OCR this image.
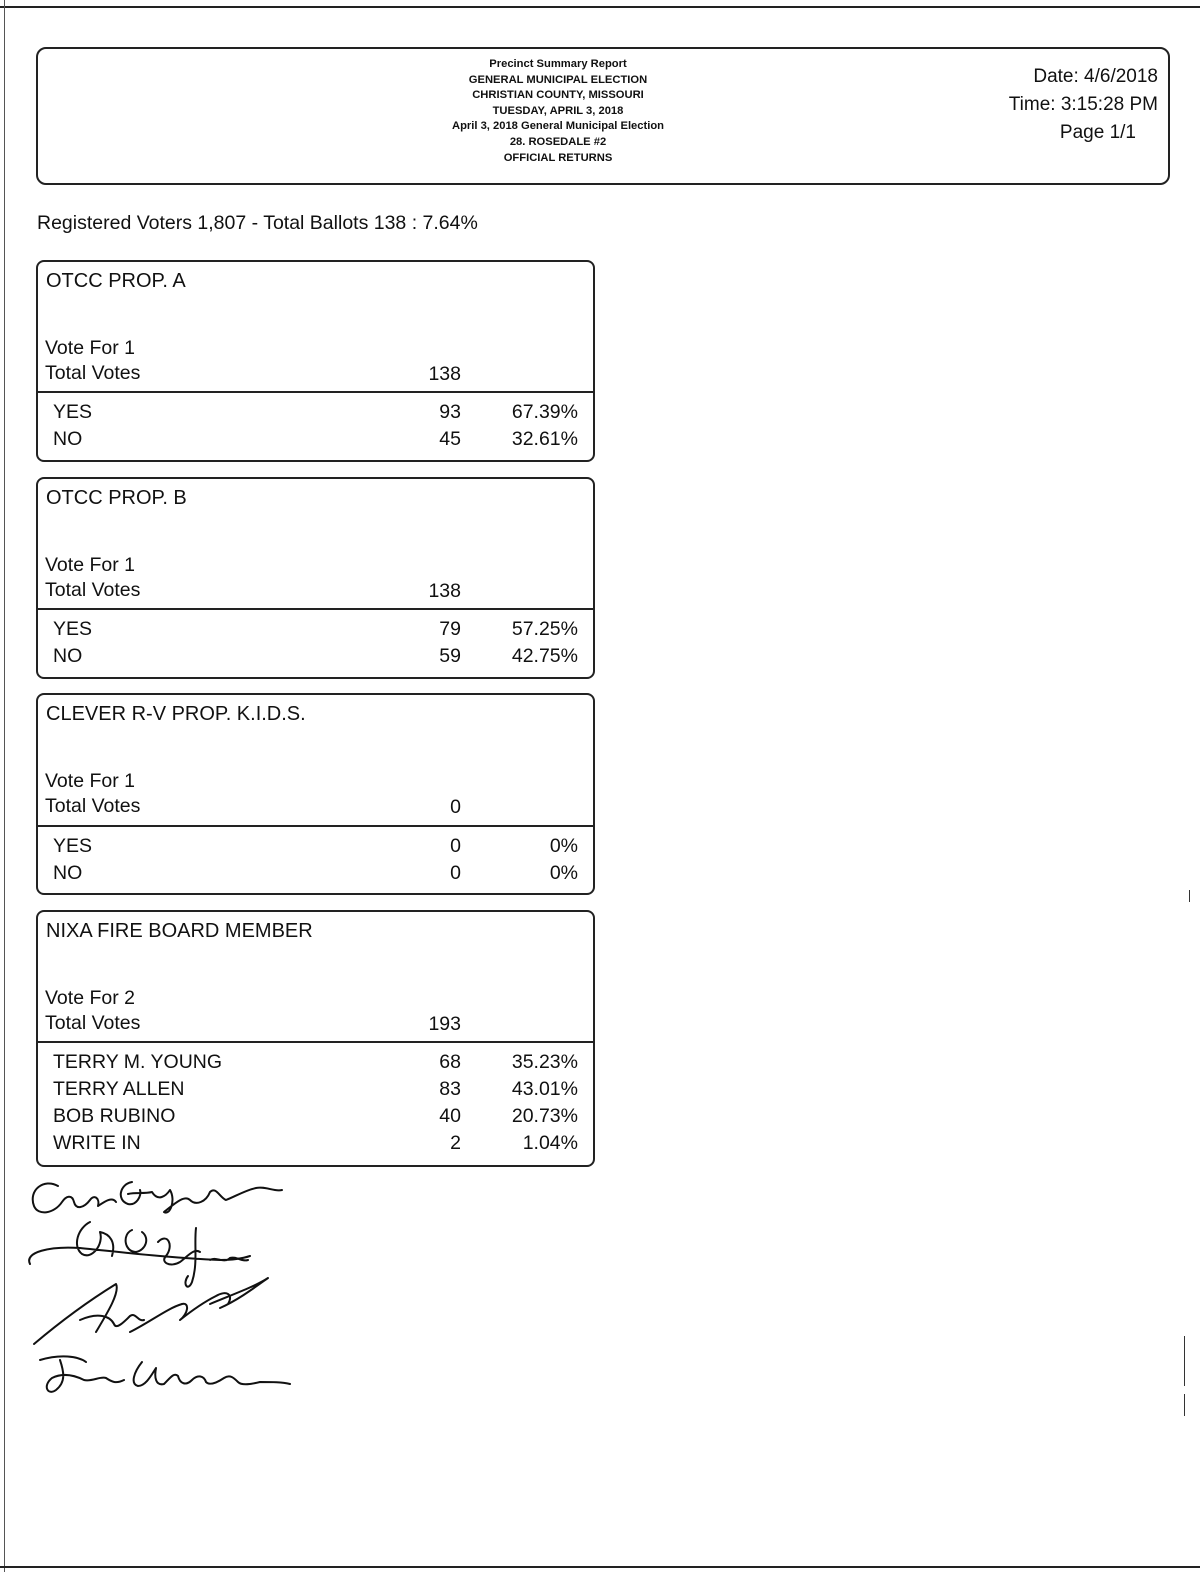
Precinct Summary Report
GENERAL MUNICIPAL ELECTION
CHRISTIAN COUNTY, MISSOURI
TUESDAY, APRIL 3, 2018
April 3, 2018 General Municipal Election
28. ROSEDALE #2
OFFICIAL RETURNS
Date: 4/6/2018
Time: 3:15:28 PM
Page 1/1
Registered Voters 1,807 - Total Ballots 138 : 7.64%
OTCC PROP. A
Vote For 1
Total Votes	138
YES	93	67.39%
NO	45	32.61%
OTCC PROP. B
Vote For 1
Total Votes	138
YES	79	57.25%
NO	59	42.75%
CLEVER R-V PROP. K.I.D.S.
Vote For 1
Total Votes	0
YES	0	0%
NO	0	0%
NIXA FIRE BOARD MEMBER
Vote For 2
Total Votes	193
TERRY M. YOUNG	68	35.23%
TERRY ALLEN	83	43.01%
BOB RUBINO	40	20.73%
WRITE IN	2	1.04%
